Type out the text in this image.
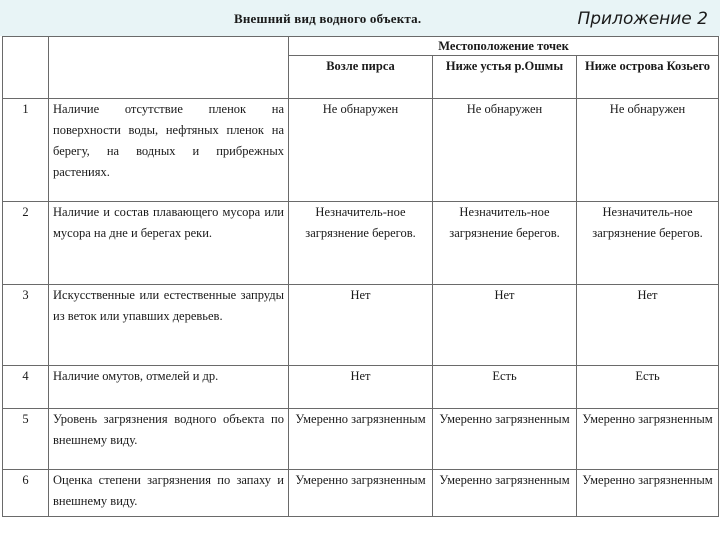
Внешний вид водного объекта.	Приложение 2
		Местоположение точек		
		Возле пирса	Ниже устья р.Ошмы	Ниже острова Козьего
1	Наличие отсутствие пленок на поверхности воды, нефтяных пленок на берегу, на водных и прибрежных растениях.	Не обнаружен	Не обнаружен	Не обнаружен
2	Наличие и состав плавающего мусора или мусора на дне и берегах реки.	Незначитель-ное загрязнение берегов.	Незначитель-ное загрязнение берегов.	Незначитель-ное загрязнение берегов.
3	Искусственные или естественные запруды из веток или упавших деревьев.	Нет	Нет	Нет
4	Наличие омутов, отмелей и др.	Нет	Есть	Есть
5	Уровень загрязнения водного объекта по внешнему виду.	Умеренно загрязненным	Умеренно загрязненным	Умеренно загрязненным
6	Оценка степени загрязнения по запаху и внешнему виду.	Умеренно загрязненным	Умеренно загрязненным	Умеренно загрязненным
